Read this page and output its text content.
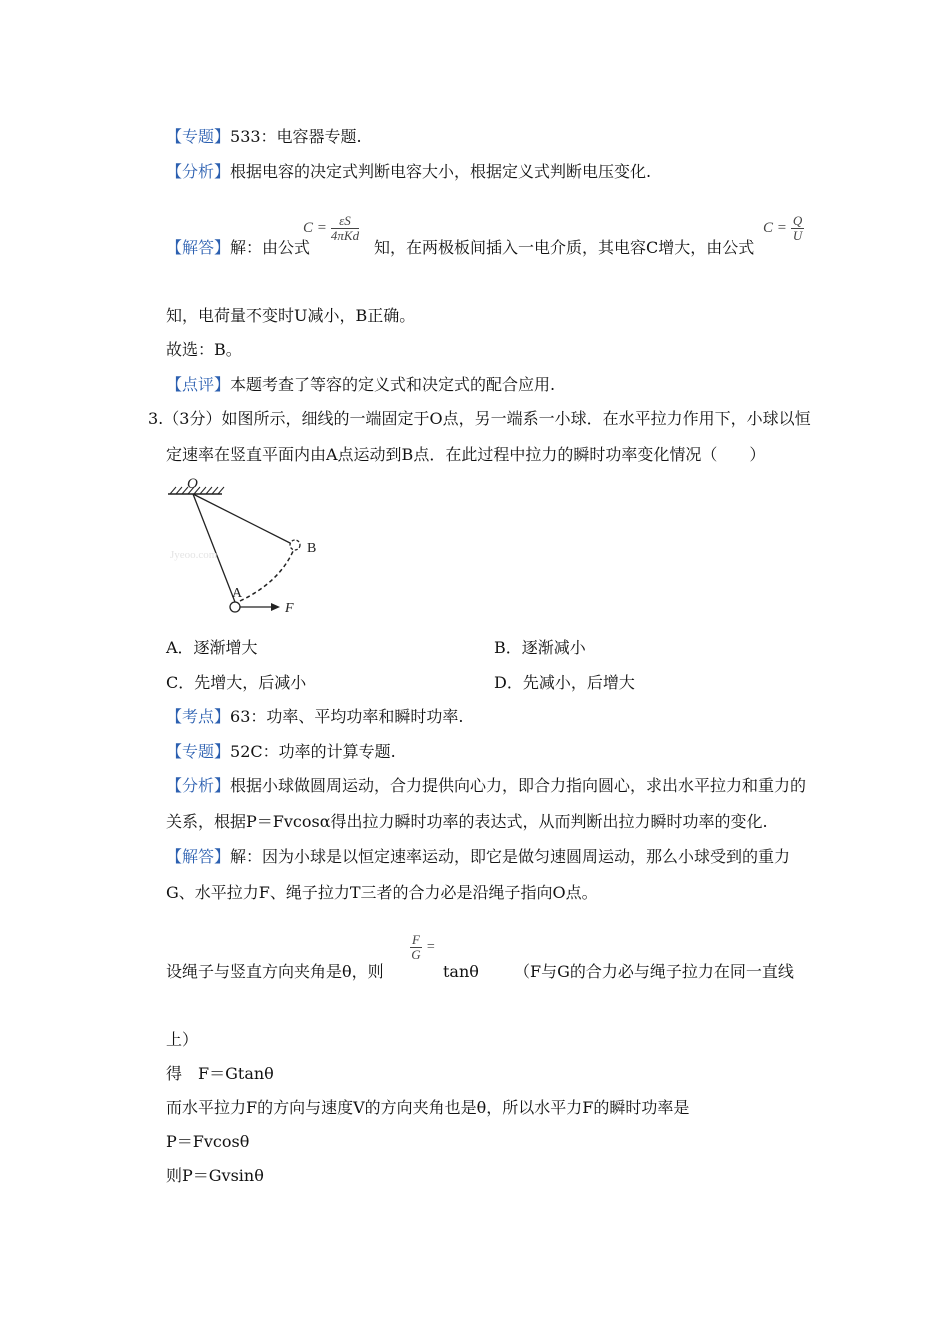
【专题】533：电容器专题.
【分析】根据电容的决定式判断电容大小，根据定义式判断电压变化.
【解答】解：由公式
$C = \frac{\varepsilon S}{\text{4πKd}}$
知，在两极板间插入一电介质，其电容C增大，由公式
$C = \frac{Q}{U}$
知，电荷量不变时U减小，B正确。
故选：B。
【点评】本题考查了等容的定义式和决定式的配合应用.
3.（3分）如图所示，细线的一端固定于O点，另一端系一小球．在水平拉力作用下，小球以恒
定速率在竖直平面内由A点运动到B点．在此过程中拉力的瞬时功率变化情况（　　）
O
A
B
F
Jyeoo.com
A．逐渐增大	B．逐渐减小
C．先增大，后减小	D．先减小，后增大
【考点】63：功率、平均功率和瞬时功率.
【专题】52C：功率的计算专题.
【分析】根据小球做圆周运动，合力提供向心力，即合力指向圆心，求出水平拉力和重力的
关系，根据P＝Fvcosα得出拉力瞬时功率的表达式，从而判断出拉力瞬时功率的变化.
【解答】解：因为小球是以恒定速率运动，即它是做匀速圆周运动，那么小球受到的重力
G、水平拉力F、绳子拉力T三者的合力必是沿绳子指向O点。
设绳子与竖直方向夹角是θ，则
$\frac{F}{G}$ =
tanθ （F与G的合力必与绳子拉力在同一直线
上）
得　F＝Gtanθ
而水平拉力F的方向与速度V的方向夹角也是θ，所以水平力F的瞬时功率是
P＝Fvcosθ
则P＝Gvsinθ
